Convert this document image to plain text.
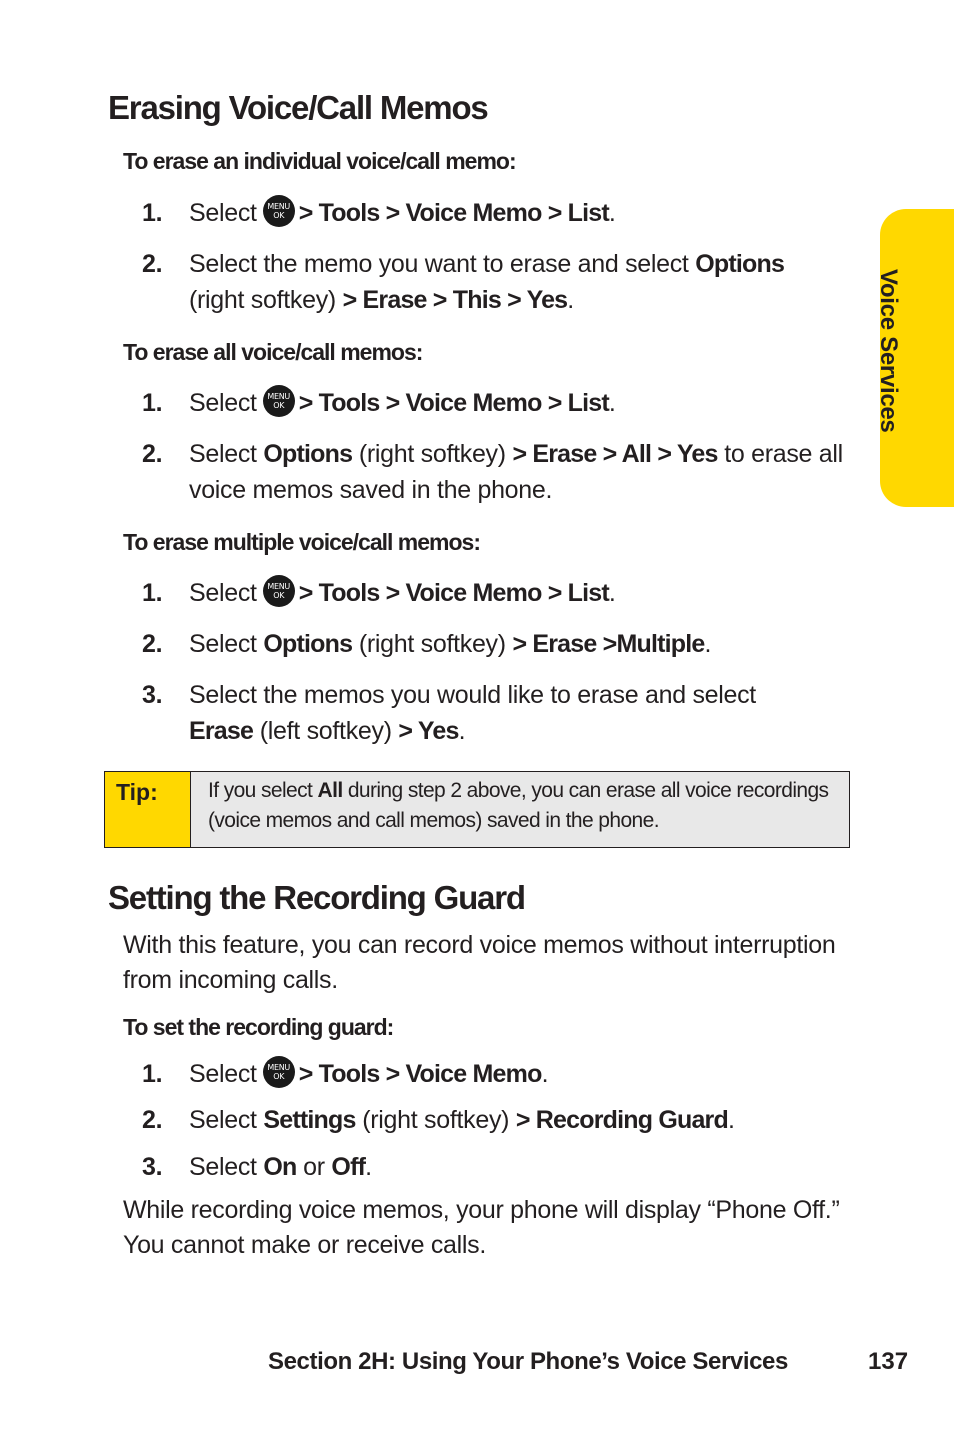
Voice Services
Erasing Voice/Call Memos

To erase an individual voice/call memo:

1. Select MENU
OK > Tools > Voice Memo > List.
2. Select the memo you want to erase and select Options
(right softkey) > Erase > This > Yes.

To erase all voice/call memos:

1. Select MENU
OK > Tools > Voice Memo > List.
2. Select Options (right softkey) > Erase > All > Yes to erase all voice memos saved in the phone.

To erase multiple voice/call memos:

1. Select MENU
OK > Tools > Voice Memo > List.
2. Select Options (right softkey) > Erase >Multiple.
3. Select the memos you would like to erase and select
Erase (left softkey) > Yes.
Tip:	If you select All during step 2 above, you can erase all voice recordings (voice memos and call memos) saved in the phone.
Setting the Recording Guard

With this feature, you can record voice memos without interruption from incoming calls.

To set the recording guard:

1. Select MENU
OK > Tools > Voice Memo.
2. Select Settings (right softkey) > Recording Guard.
3. Select On or Off.

While recording voice memos, your phone will display “Phone Off.” You cannot make or receive calls.

Section 2H: Using Your Phone’s Voice Services	137
